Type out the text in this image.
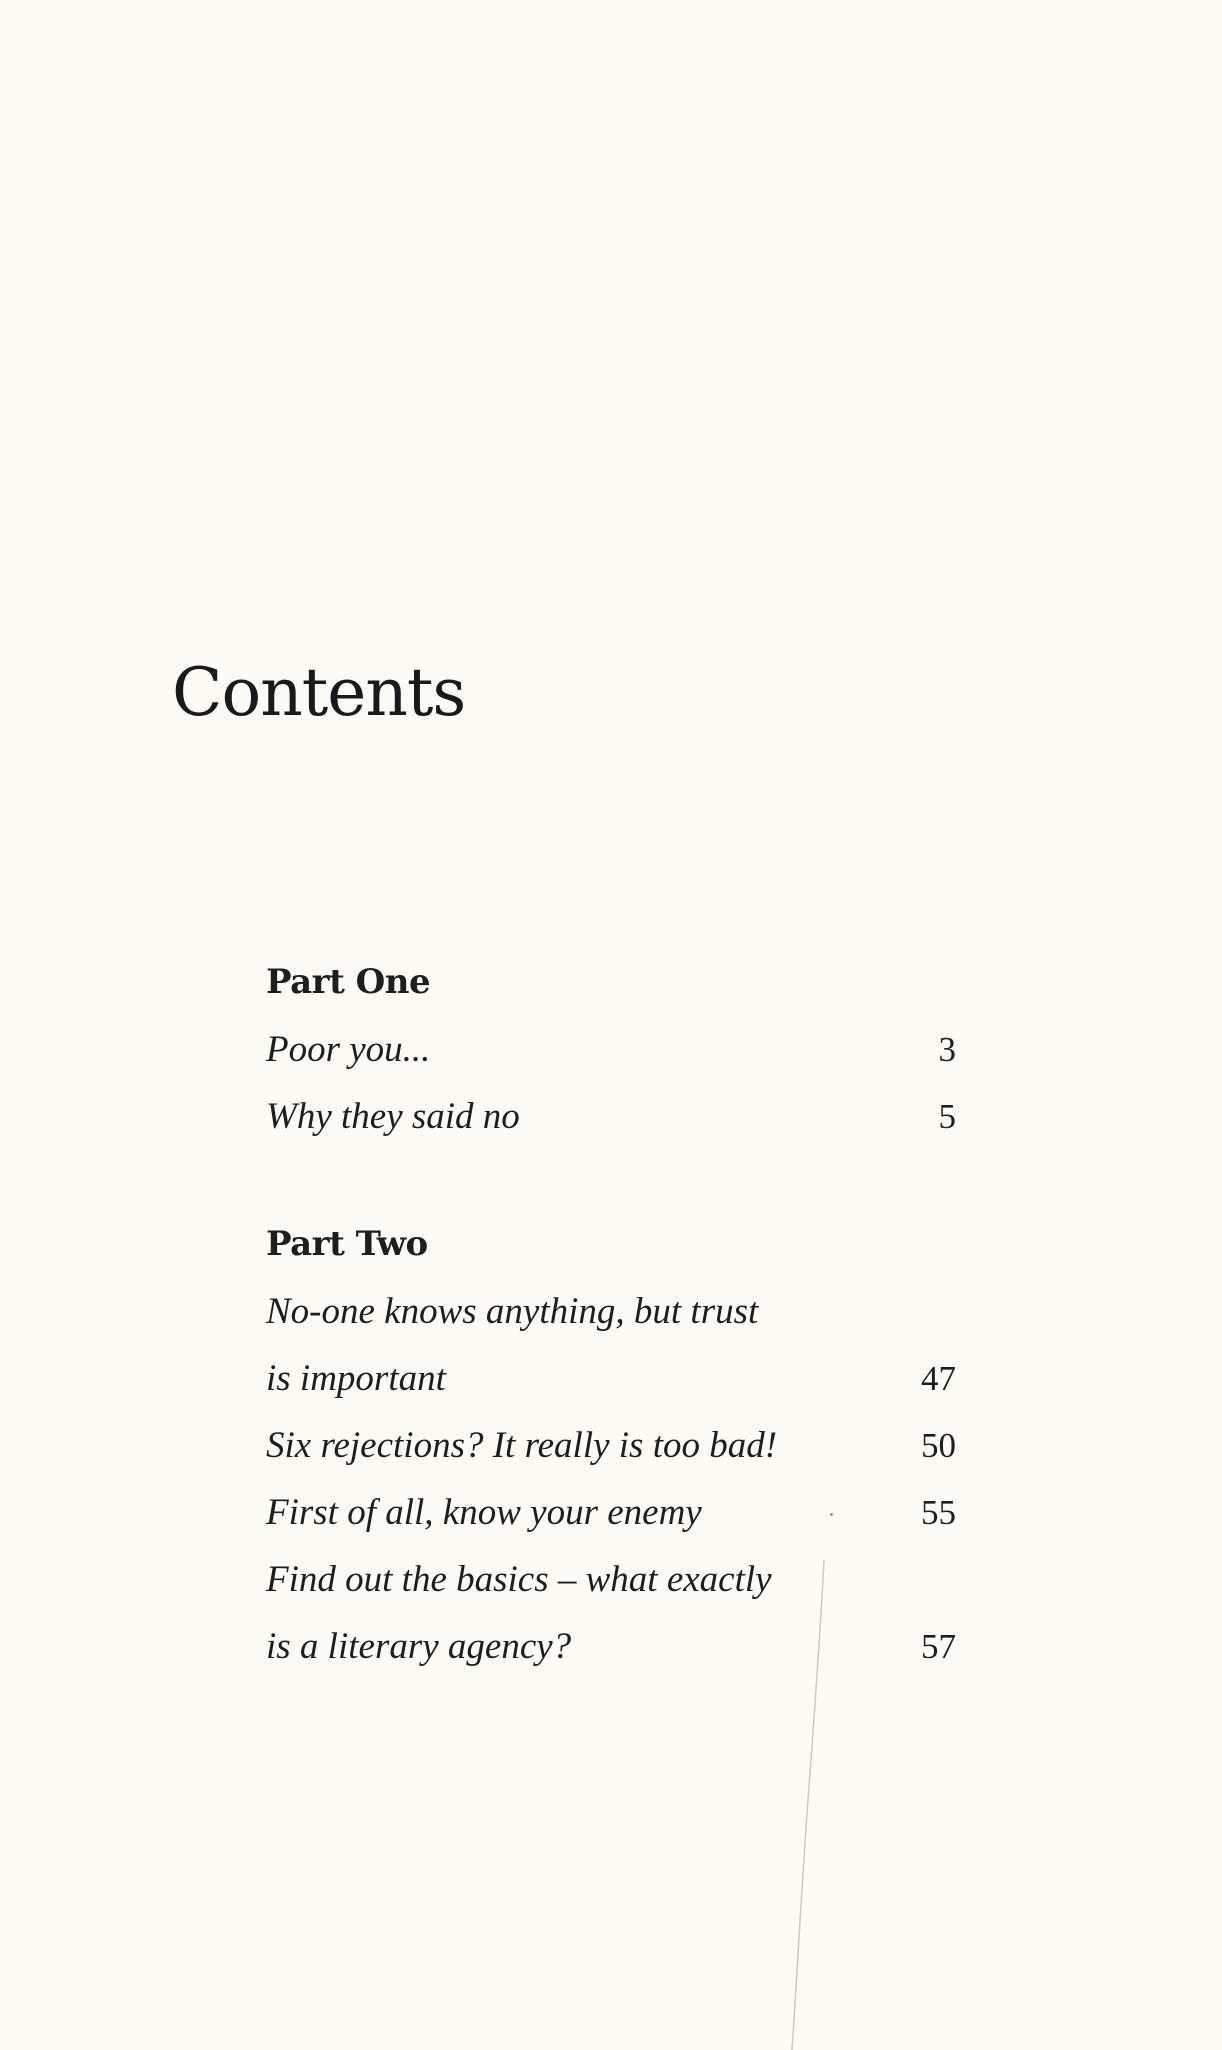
Contents
Part One
Poor you...	3
Why they said no	5
Part Two
No-one knows anything, but trust
is important	47
Six rejections? It really is too bad!	50
First of all, know your enemy	55
Find out the basics – what exactly
is a literary agency?	57
